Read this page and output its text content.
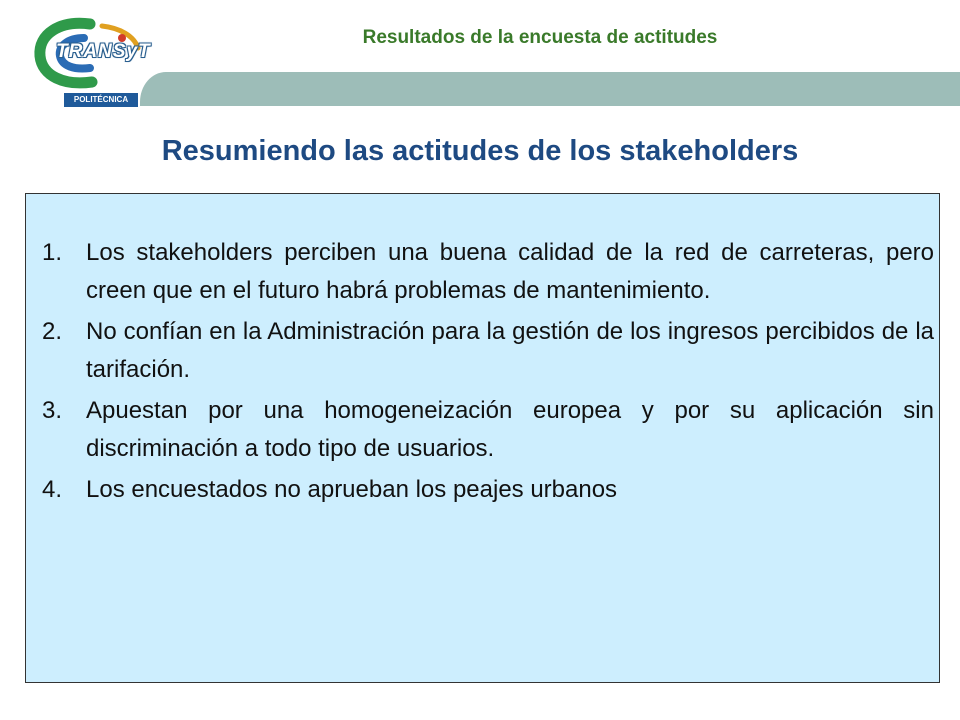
TRANSyT
POLITÉCNICA
Resultados de la encuesta de actitudes
Resumiendo las actitudes de los stakeholders
1. Los stakeholders perciben una buena calidad de la red de carreteras, pero creen que en el futuro habrá problemas de mantenimiento.
2. No confían en la Administración para la gestión de los ingresos percibidos de la tarifación.
3. Apuestan por una homogeneización europea y por su aplicación sin discriminación a todo tipo de usuarios.
4. Los encuestados no aprueban los peajes urbanos
